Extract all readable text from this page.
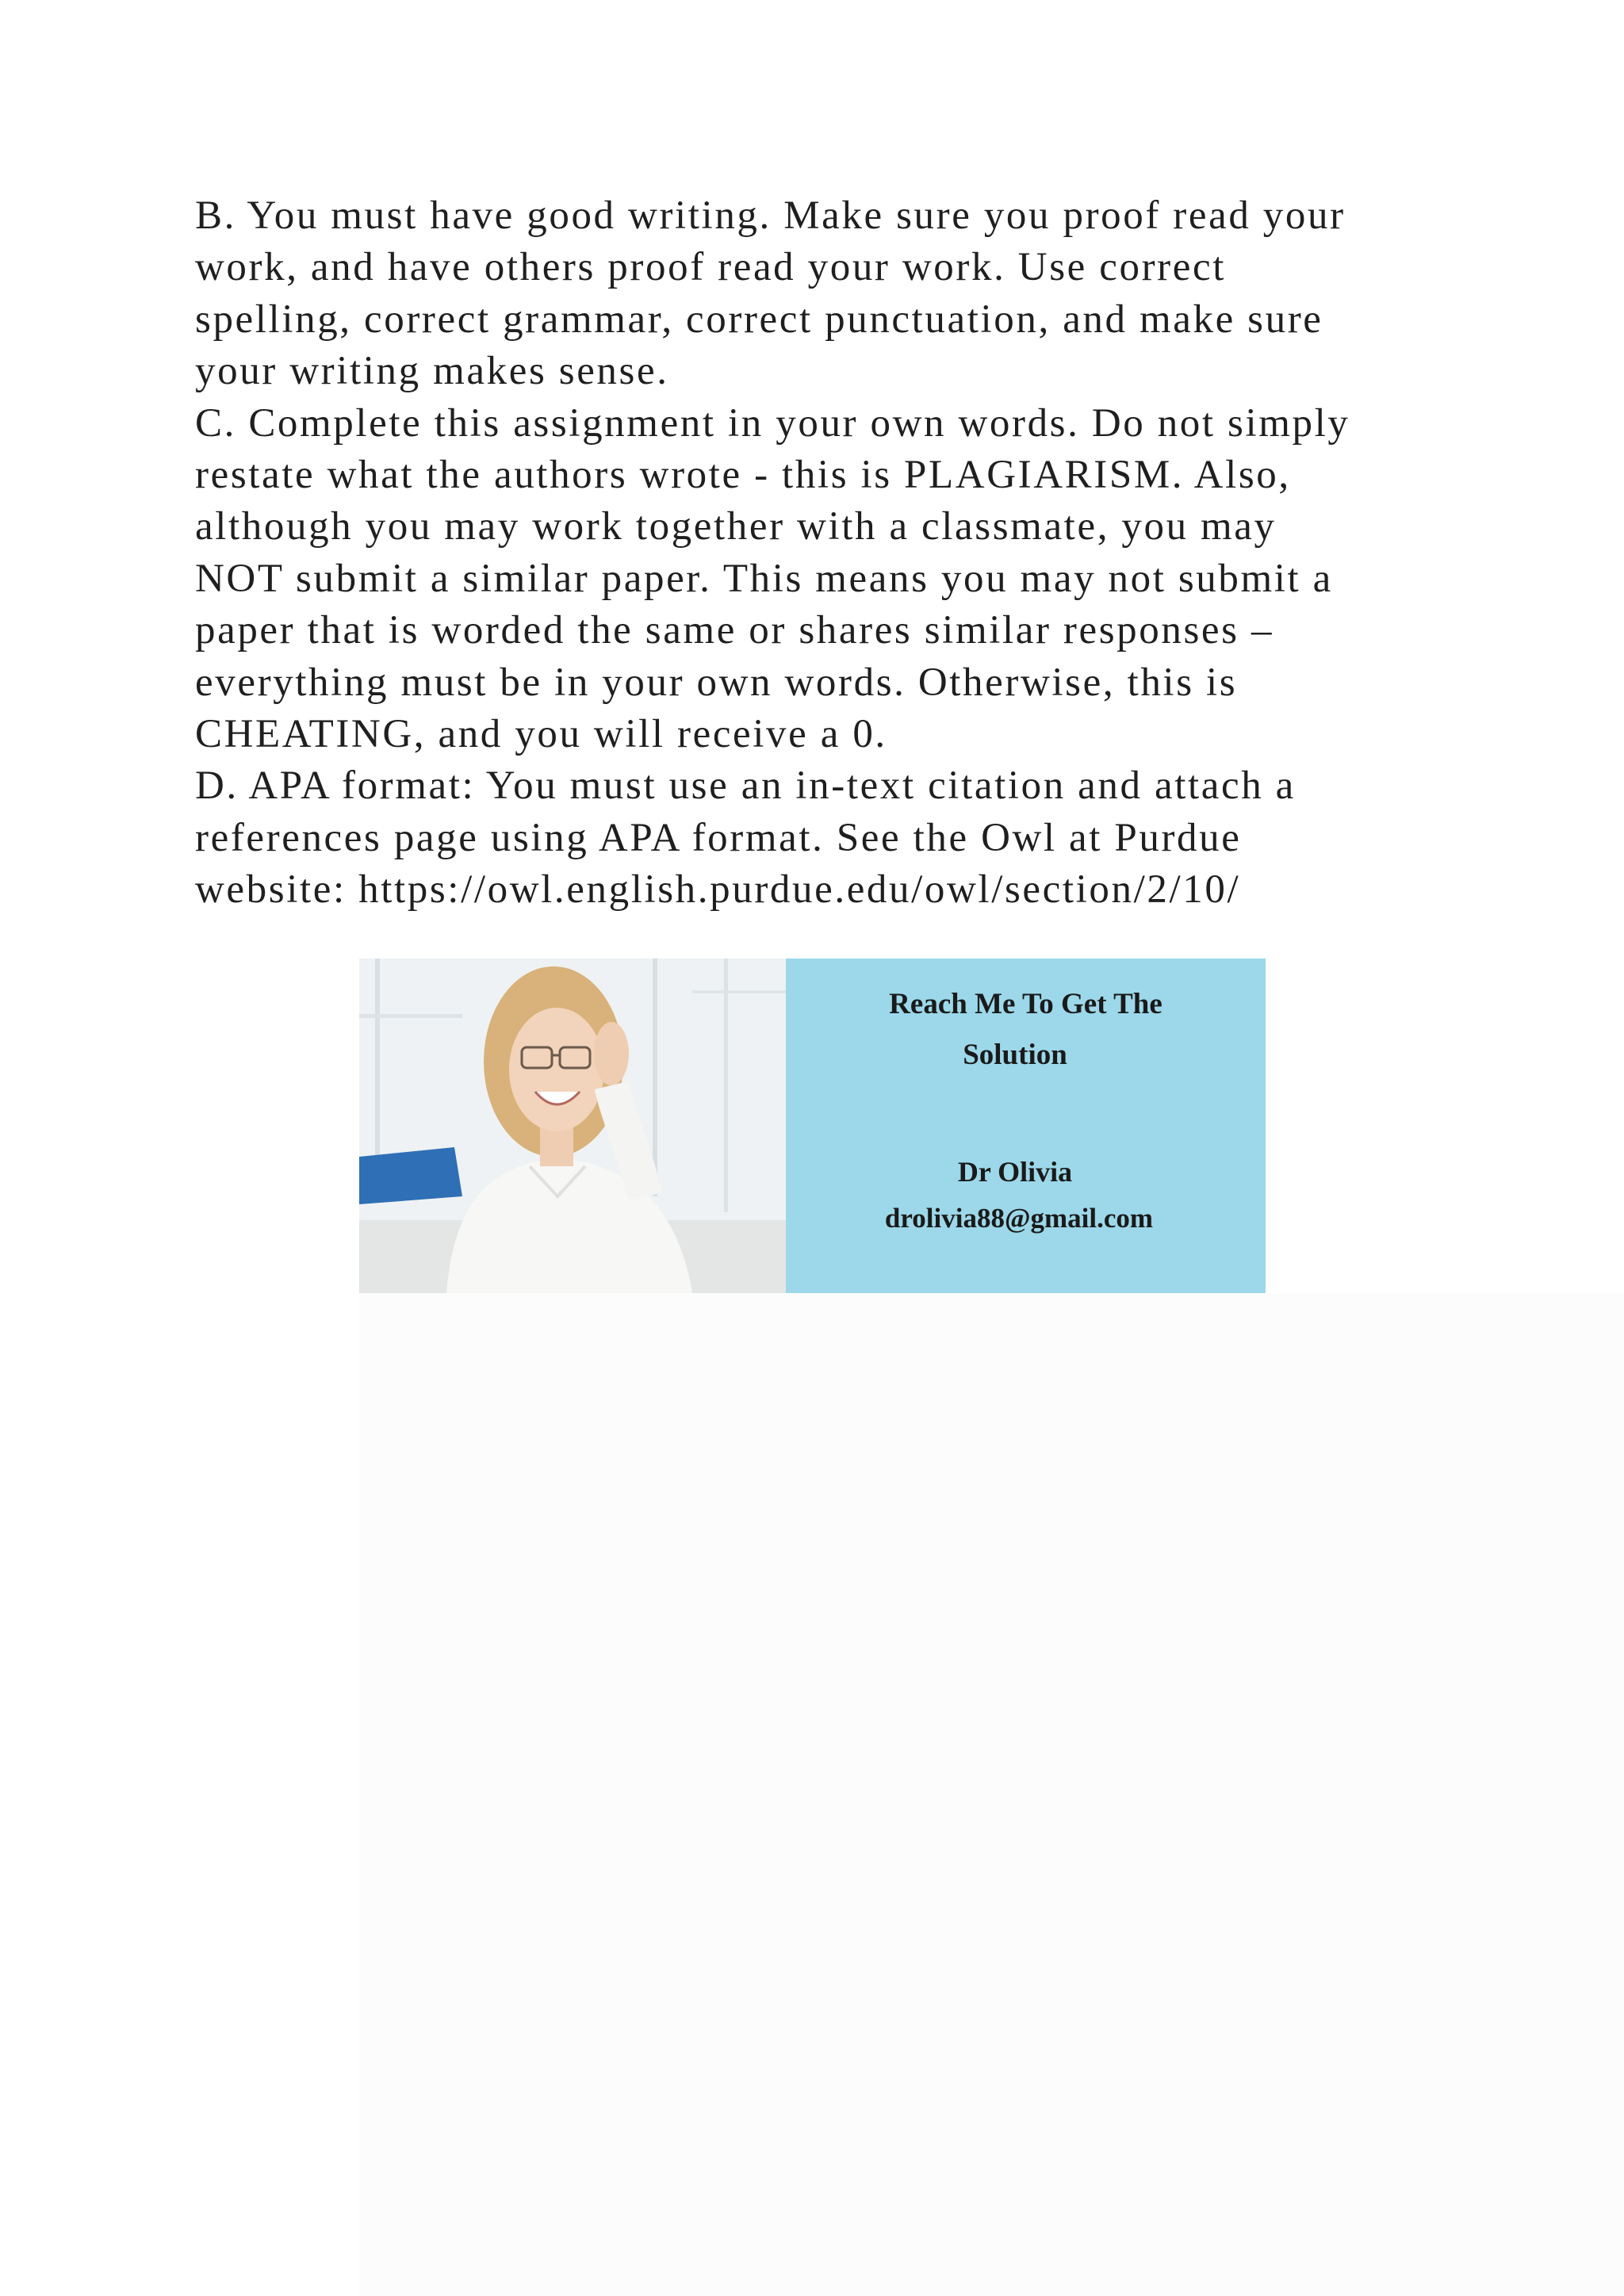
B. You must have good writing. Make sure you proof read your
work, and have others proof read your work. Use correct
spelling, correct grammar, correct punctuation, and make sure
your writing makes sense.
C. Complete this assignment in your own words. Do not simply
restate what the authors wrote - this is PLAGIARISM. Also,
although you may work together with a classmate, you may
NOT submit a similar paper. This means you may not submit a
paper that is worded the same or shares similar responses –
everything must be in your own words. Otherwise, this is
CHEATING, and you will receive a 0.
D. APA format: You must use an in-text citation and attach a
references page using APA format. See the Owl at Purdue
website: https://owl.english.purdue.edu/owl/section/2/10/
Reach Me To Get The
Solution
Dr Olivia
drolivia88@gmail.com
